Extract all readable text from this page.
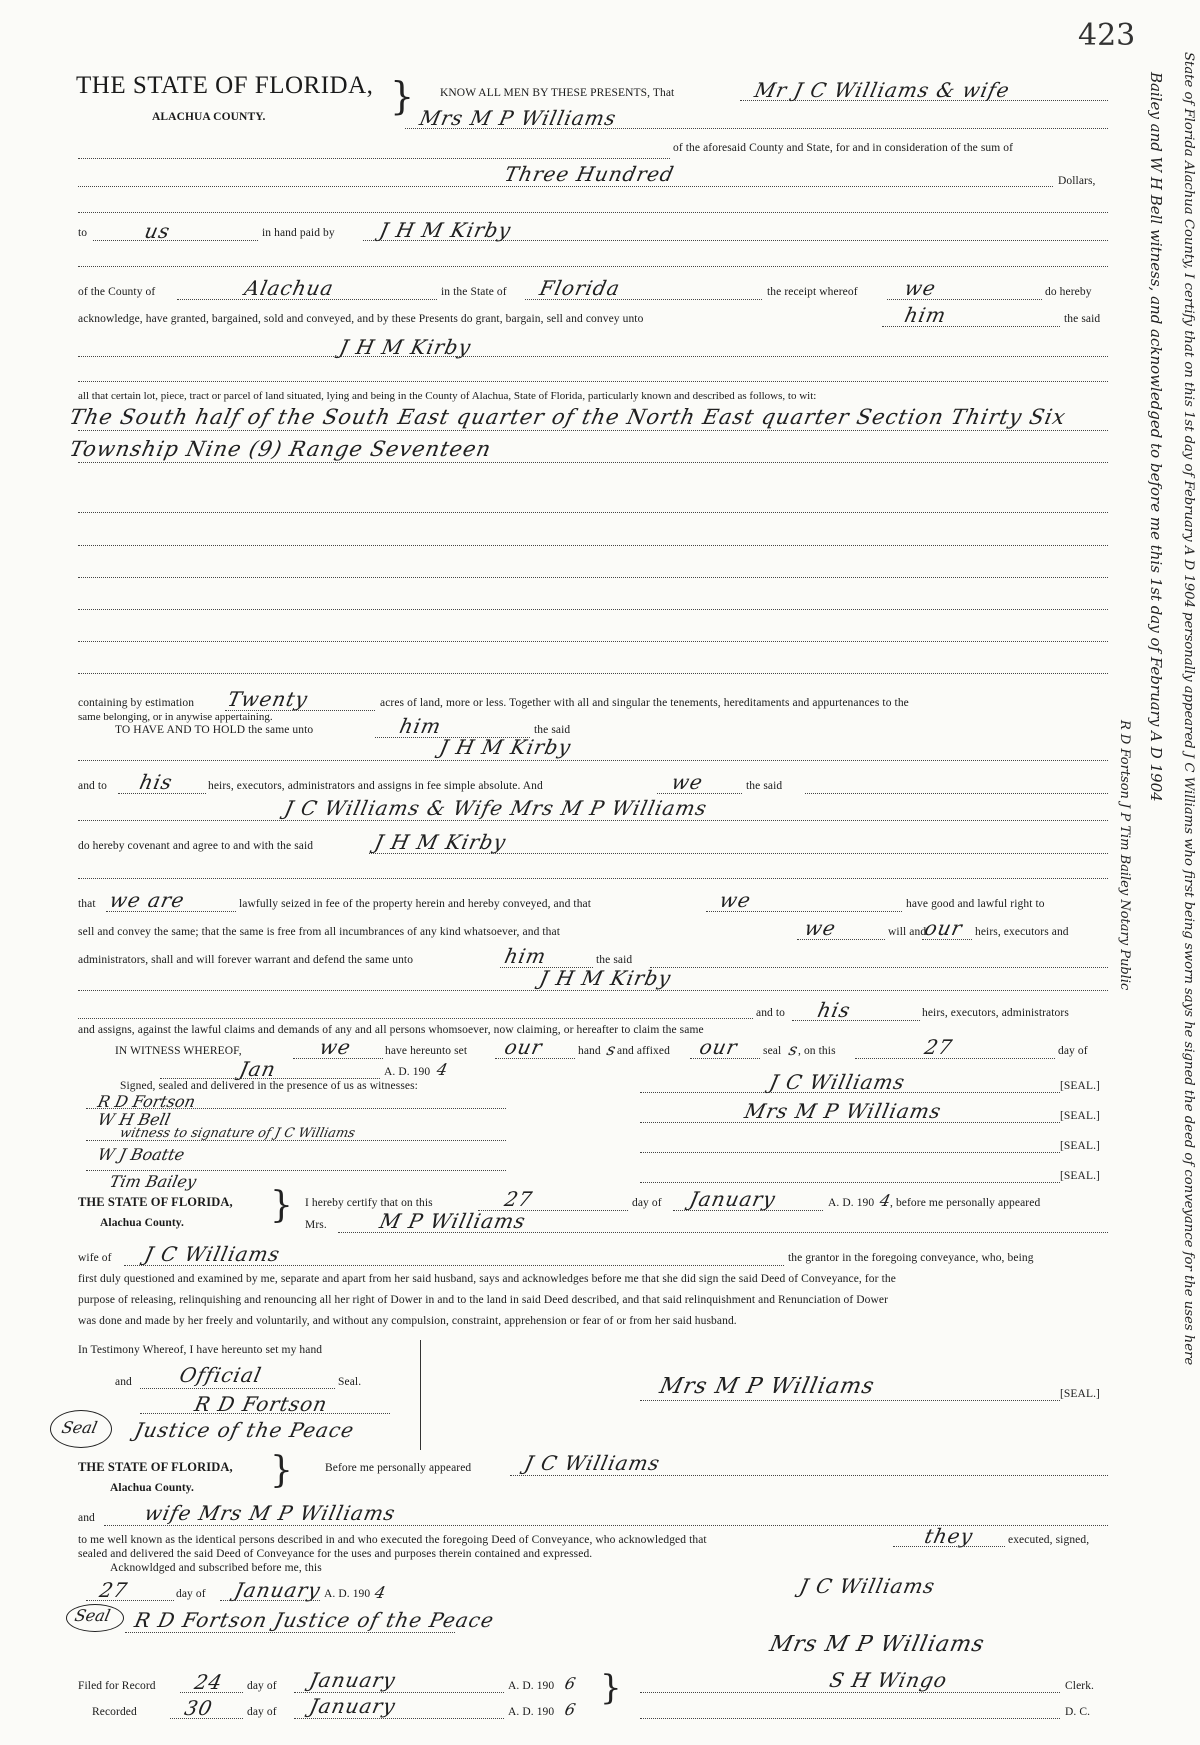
423
THE STATE OF FLORIDA,
ALACHUA COUNTY.	} KNOW ALL MEN BY THESE PRESENTS, That	Mr J C Williams & wife
Mrs M P Williams
of the aforesaid County and State, for and in consideration of the sum of
Three Hundred	Dollars,
to	us	in hand paid by J H M Kirby
of the County of	Alachua	in the State of Florida	the receipt whereof we	do hereby
acknowledge, have granted, bargained, sold and conveyed, and by these Presents do grant, bargain, sell and convey unto	him	the said
J H M Kirby
all that certain lot, piece, tract or parcel of land situated, lying and being in the County of Alachua, State of Florida, particularly known and described as follows, to wit:
The South half of the South East quarter of the North East quarter Section Thirty Six
Township Nine (9) Range Seventeen
containing by estimation Twenty	acres of land, more or less. Together with all and singular the tenements, hereditaments and appurtenances to the
same belonging, or in anywise appertaining.
TO HAVE AND TO HOLD the same unto	him	the said
J H M Kirby
and to his	heirs, executors, administrators and assigns in fee simple absolute. And	we	the said
J C Williams & Wife Mrs M P Williams
do hereby covenant and agree to and with the said	J H M Kirby
that we are	lawfully seized in fee of the property herein and hereby conveyed, and that	we	have good and lawful right to
sell and convey the same; that the same is free from all incumbrances of any kind whatsoever, and that	we	will and
our heirs, executors and
administrators, shall and will forever warrant and defend the same unto	him	the said
J H M Kirby
and to his	heirs, executors, administrators
and assigns, against the lawful claims and demands of any and all persons whomsoever, now claiming, or hereafter to claim the same
IN WITNESS WHEREOF,	we	have hereunto set our	hand s and affixed our seal s
, on this	27	day of
Jan	A. D. 190 4
Signed, sealed and delivered in the presence of us as witnesses:
R D Fortson
W H Bell
witness to signature of J C Williams
W J Boatte
Tim Bailey
J C Williams	[SEAL.]
Mrs M P Williams	[SEAL.]
[SEAL.]
[SEAL.]
THE STATE OF FLORIDA,
Alachua County. } I hereby certify that on this	27	day of January	A. D. 190 4
, before me personally appeared
Mrs.	M P Williams
wife of J C Williams	the grantor in the foregoing conveyance, who, being
first duly questioned and examined by me, separate and apart from her said husband, says and acknowledges before me that she did sign the said Deed of Conveyance, for the
purpose of releasing, relinquishing and renouncing all her right of Dower in and to the land in said Deed described, and that said relinquishment and Renunciation of Dower
was done and made by her freely and voluntarily, and without any compulsion, constraint, apprehension or fear of or from her said husband.
In Testimony Whereof, I have hereunto set my hand
and Official	Seal.
R D Fortson
Seal Justice of the Peace
Mrs M P Williams	[SEAL.]
THE STATE OF FLORIDA,
Alachua County. }	Before me personally appeared	J C Williams
and wife Mrs M P Williams
to me well known as the identical persons described in and who executed the foregoing Deed of Conveyance, who acknowledged that	they	executed, signed,
sealed and delivered the said Deed of Conveyance for the uses and purposes therein contained and expressed.
Acknowldged and subscribed before me, this
27	day of January A. D. 190 4
Seal R D Fortson Justice of the Peace
J C Williams
Mrs M P Williams
Filed for Record 24 day of January	A. D. 190 6
Recorded 30	day of January	A. D. 190 6
}	S H Wingo	Clerk.
D. C.
State of Florida Alachua County, I certify that on this 1st day of February A D 1904 personally appeared J C Williams who first being sworn says he signed the deed of conveyance for the uses here
Bailey and W H Bell witness, and acknowledged to before me this 1st day of February A D 1904
R D Fortson J P Tim Bailey Notary Public
